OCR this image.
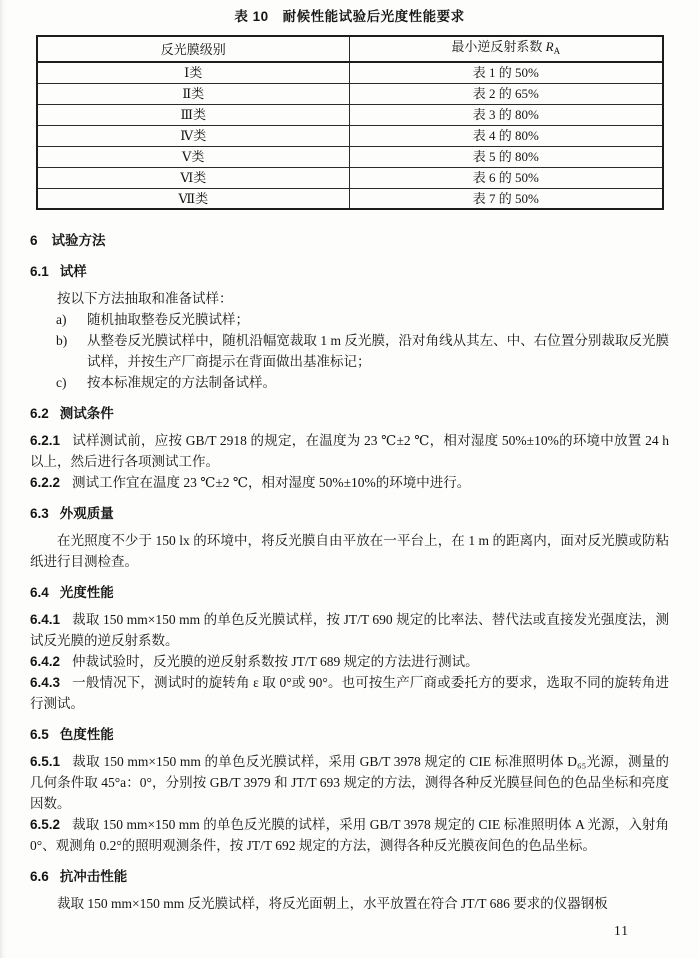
表 10　耐候性能试验后光度性能要求
反光膜级别	最小逆反射系数 $R_A$
Ⅰ类	表 1 的 50%
Ⅱ类	表 2 的 65%
Ⅲ类	表 3 的 80%
Ⅳ类	表 4 的 80%
Ⅴ类	表 5 的 80%
Ⅵ类	表 6 的 50%
Ⅶ类	表 7 的 50%
6 试验方法
6.1 试样

按以下方法抽取和准备试样：

a) 随机抽取整卷反光膜试样；
b) 从整卷反光膜试样中，随机沿幅宽裁取 1 m 反光膜，沿对角线从其左、中、右位置分别裁取反光膜试样，并按生产厂商提示在背面做出基准标记；
c) 按本标准规定的方法制备试样。
6.2 测试条件

6.2.1 试样测试前，应按 GB/T 2918 的规定，在温度为 23 ℃±2 ℃，相对湿度 50%±10%的环境中放置 24 h 以上，然后进行各项测试工作。

6.2.2 测试工作宜在温度 23 ℃±2 ℃，相对湿度 50%±10%的环境中进行。

6.3 外观质量

在光照度不少于 150 lx 的环境中，将反光膜自由平放在一平台上，在 1 m 的距离内，面对反光膜或防粘纸进行目测检查。

6.4 光度性能

6.4.1 裁取 150 mm×150 mm 的单色反光膜试样，按 JT/T 690 规定的比率法、替代法或直接发光强度法，测试反光膜的逆反射系数。

6.4.2 仲裁试验时，反光膜的逆反射系数按 JT/T 689 规定的方法进行测试。

6.4.3 一般情况下，测试时的旋转角 ε 取 0°或 90°。也可按生产厂商或委托方的要求，选取不同的旋转角进行测试。

6.5 色度性能

6.5.1 裁取 150 mm×150 mm 的单色反光膜试样，采用 GB/T 3978 规定的 CIE 标准照明体 D₆₅光源，测量的几何条件取 45°a：0°，分别按 GB/T 3979 和 JT/T 693 规定的方法，测得各种反光膜昼间色的色品坐标和亮度因数。

6.5.2 裁取 150 mm×150 mm 的单色反光膜的试样，采用 GB/T 3978 规定的 CIE 标准照明体 A 光源，入射角 0°、观测角 0.2°的照明观测条件，按 JT/T 692 规定的方法，测得各种反光膜夜间色的色品坐标。

6.6 抗冲击性能

裁取 150 mm×150 mm 反光膜试样，将反光面朝上，水平放置在符合 JT/T 686 要求的仪器钢板

11
